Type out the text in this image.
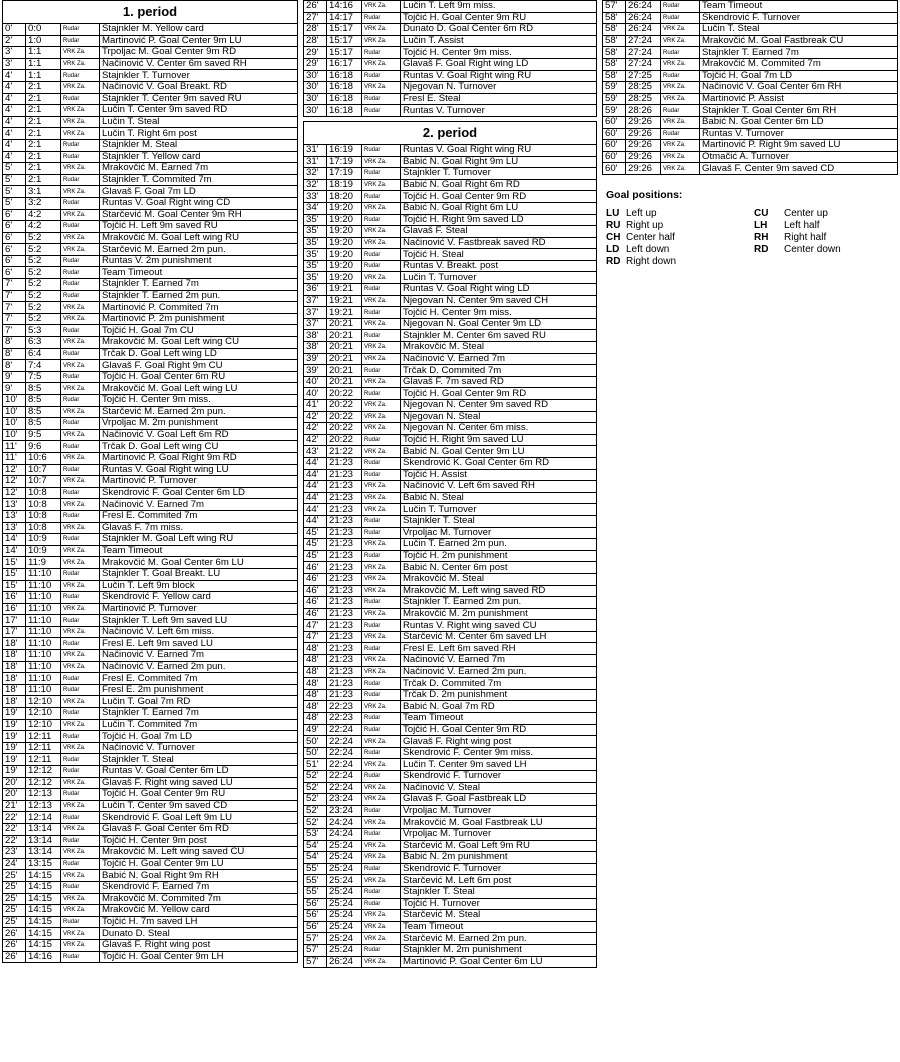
1. period
0'	0:0	Rudar	Stajnkler M. Yellow card
2'	1:0	Rudar	Martinović P. Goal Center 9m LU
3'	1:1	VRK Za.	Trpoljac M. Goal Center 9m RD
3'	1:1	VRK Za.	Načinović V. Center 6m saved RH
4'	1:1	Rudar	Stajnkler T. Turnover
4'	2:1	VRK Za.	Načinović V. Goal Breakt. RD
4'	2:1	Rudar	Stajnkler T. Center 9m saved RU
4'	2:1	VRK Za.	Lučin T. Center 9m saved RD
4'	2:1	VRK Za.	Lučin T. Steal
4'	2:1	VRK Za.	Lučin T. Right 6m post
4'	2:1	Rudar	Stajnkler M. Steal
4'	2:1	Rudar	Stajnkler T. Yellow card
5'	2:1	VRK Za.	Mrakovčić M. Earned 7m
5'	2:1	Rudar	Stajnkler T. Commited 7m
5'	3:1	VRK Za.	Glavaš F. Goal 7m LD
5'	3:2	Rudar	Runtas V. Goal Right wing CD
6'	4:2	VRK Za.	Starčević M. Goal Center 9m RH
6'	4:2	Rudar	Tojčić H. Left 9m saved RU
6'	5:2	VRK Za.	Mrakovčić M. Goal Left wing RU
6'	5:2	VRK Za.	Starčević M. Earned 2m pun.
6'	5:2	Rudar	Runtas V. 2m punishment
6'	5:2	Rudar	Team Timeout
7'	5:2	Rudar	Stajnkler T. Earned 7m
7'	5:2	Rudar	Stajnkler T. Earned 2m pun.
7'	5:2	VRK Za.	Martinović P. Commited 7m
7'	5:2	VRK Za.	Martinović P. 2m punishment
7'	5:3	Rudar	Tojčić H. Goal 7m CU
8'	6:3	VRK Za.	Mrakovčić M. Goal Left wing CU
8'	6:4	Rudar	Trčak D. Goal Left wing LD
8'	7:4	VRK Za.	Glavaš F. Goal Right 9m CU
9'	7:5	Rudar	Tojčić H. Goal Center 6m RU
9'	8:5	VRK Za.	Mrakovčić M. Goal Left wing LU
10'	8:5	Rudar	Tojčić H. Center 9m miss.
10'	8:5	VRK Za.	Starčević M. Earned 2m pun.
10'	8:5	Rudar	Vrpoljac M. 2m punishment
10'	9:5	VRK Za.	Načinović V. Goal Left 6m RD
11'	9:6	Rudar	Trčak D. Goal Left wing CU
11'	10:6	VRK Za.	Martinović P. Goal Right 9m RD
12'	10:7	Rudar	Runtas V. Goal Right wing LU
12'	10:7	VRK Za.	Martinović P. Turnover
12'	10:8	Rudar	Skendrović F. Goal Center 6m LD
13'	10:8	VRK Za.	Načinović V. Earned 7m
13'	10:8	Rudar	Fresl E. Commited 7m
13'	10:8	VRK Za.	Glavaš F. 7m miss.
14'	10:9	Rudar	Stajnkler M. Goal Left wing RU
14'	10:9	VRK Za.	Team Timeout
15'	11:9	VRK Za.	Mrakovčić M. Goal Center 6m LU
15'	11:10	Rudar	Stajnkler T. Goal Breakt. LU
15'	11:10	VRK Za.	Lučin T. Left 9m block
16'	11:10	Rudar	Skendrović F. Yellow card
16'	11:10	VRK Za.	Martinović P. Turnover
17'	11:10	Rudar	Stajnkler T. Left 9m saved LU
17'	11:10	VRK Za.	Načinović V. Left 6m miss.
18'	11:10	Rudar	Fresl E. Left 9m saved LU
18'	11:10	VRK Za.	Načinović V. Earned 7m
18'	11:10	VRK Za.	Načinović V. Earned 2m pun.
18'	11:10	Rudar	Fresl E. Commited 7m
18'	11:10	Rudar	Fresl E. 2m punishment
18'	12:10	VRK Za.	Lučin T. Goal 7m RD
19'	12:10	Rudar	Stajnkler T. Earned 7m
19'	12:10	VRK Za.	Lučin T. Commited 7m
19'	12:11	Rudar	Tojčić H. Goal 7m LD
19'	12:11	VRK Za.	Načinović V. Turnover
19'	12:11	Rudar	Stajnkler T. Steal
19'	12:12	Rudar	Runtas V. Goal Center 6m LD
20'	12:12	VRK Za.	Glavaš F. Right wing saved LU
20'	12:13	Rudar	Tojčić H. Goal Center 9m RU
21'	12:13	VRK Za.	Lučin T. Center 9m saved CD
22'	12:14	Rudar	Skendrović F. Goal Left 9m LU
22'	13:14	VRK Za.	Glavaš F. Goal Center 6m RD
22'	13:14	Rudar	Tojčić H. Center 9m post
23'	13:14	VRK Za.	Mrakovčić M. Left wing saved CU
24'	13:15	Rudar	Tojčić H. Goal Center 9m LU
25'	14:15	VRK Za.	Babić N. Goal Right 9m RH
25'	14:15	Rudar	Skendrović F. Earned 7m
25'	14:15	VRK Za.	Mrakovčić M. Commited 7m
25'	14:15	VRK Za.	Mrakovčić M. Yellow card
25'	14:15	Rudar	Tojčić H. 7m saved LH
26'	14:15	VRK Za.	Dunato D. Steal
26'	14:15	VRK Za.	Glavaš F. Right wing post
26'	14:16	Rudar	Tojčić H. Goal Center 9m LH
26'	14:16	VRK Za.	Lučin T. Left 9m miss.
27'	14:17	Rudar	Tojčić H. Goal Center 9m RU
28'	15:17	VRK Za.	Dunato D. Goal Center 6m RD
28'	15:17	VRK Za.	Lučin T. Assist
29'	15:17	Rudar	Tojčić H. Center 9m miss.
29'	16:17	VRK Za.	Glavaš F. Goal Right wing LD
30'	16:18	Rudar	Runtas V. Goal Right wing RU
30'	16:18	VRK Za.	Njegovan N. Turnover
30'	16:18	Rudar	Fresl E. Steal
30'	16:18	Rudar	Runtas V. Turnover
2. period
31'	16:19	Rudar	Runtas V. Goal Right wing RU
31'	17:19	VRK Za.	Babić N. Goal Right 9m LU
32'	17:19	Rudar	Stajnkler T. Turnover
32'	18:19	VRK Za.	Babić N. Goal Right 6m RD
33'	18:20	Rudar	Tojčić H. Goal Center 9m RD
34'	19:20	VRK Za.	Babić N. Goal Right 6m LU
35'	19:20	Rudar	Tojčić H. Right 9m saved LD
35'	19:20	VRK Za.	Glavaš F. Steal
35'	19:20	VRK Za.	Načinović V. Fastbreak saved RD
35'	19:20	Rudar	Tojčić H. Steal
35'	19:20	Rudar	Runtas V. Breakt. post
35'	19:20	VRK Za.	Lučin T. Turnover
36'	19:21	Rudar	Runtas V. Goal Right wing LD
37'	19:21	VRK Za.	Njegovan N. Center 9m saved CH
37'	19:21	Rudar	Tojčić H. Center 9m miss.
37'	20:21	VRK Za.	Njegovan N. Goal Center 9m LD
38'	20:21	Rudar	Stajnkler M. Center 6m saved RU
38'	20:21	VRK Za.	Mrakovčić M. Steal
39'	20:21	VRK Za.	Načinović V. Earned 7m
39'	20:21	Rudar	Trčak D. Commited 7m
40'	20:21	VRK Za.	Glavaš F. 7m saved RD
40'	20:22	Rudar	Tojčić H. Goal Center 9m RD
41'	20:22	VRK Za.	Njegovan N. Center 9m saved RD
42'	20:22	VRK Za.	Njegovan N. Steal
42'	20:22	VRK Za.	Njegovan N. Center 6m miss.
42'	20:22	Rudar	Tojčić H. Right 9m saved LU
43'	21:22	VRK Za.	Babić N. Goal Center 9m LU
44'	21:23	Rudar	Skendrović K. Goal Center 6m RD
44'	21:23	Rudar	Tojčić H. Assist
44'	21:23	VRK Za.	Načinović V. Left 6m saved RH
44'	21:23	VRK Za.	Babić N. Steal
44'	21:23	VRK Za.	Lučin T. Turnover
44'	21:23	Rudar	Stajnkler T. Steal
45'	21:23	Rudar	Vrpoljac M. Turnover
45'	21:23	VRK Za.	Lučin T. Earned 2m pun.
45'	21:23	Rudar	Tojčić H. 2m punishment
46'	21:23	VRK Za.	Babić N. Center 6m post
46'	21:23	VRK Za.	Mrakovčić M. Steal
46'	21:23	VRK Za.	Mrakovčić M. Left wing saved RD
46'	21:23	Rudar	Stajnkler T. Earned 2m pun.
46'	21:23	VRK Za.	Mrakovčić M. 2m punishment
47'	21:23	Rudar	Runtas V. Right wing saved CU
47'	21:23	VRK Za.	Starčević M. Center 6m saved LH
48'	21:23	Rudar	Fresl E. Left 6m saved RH
48'	21:23	VRK Za.	Načinović V. Earned 7m
48'	21:23	VRK Za.	Načinović V. Earned 2m pun.
48'	21:23	Rudar	Trčak D. Commited 7m
48'	21:23	Rudar	Trčak D. 2m punishment
48'	22:23	VRK Za.	Babić N. Goal 7m RD
48'	22:23	Rudar	Team Timeout
49'	22:24	Rudar	Tojčić H. Goal Center 9m RD
50'	22:24	VRK Za.	Glavaš F. Right wing post
50'	22:24	Rudar	Skendrović F. Center 9m miss.
51'	22:24	VRK Za.	Lučin T. Center 9m saved LH
52'	22:24	Rudar	Skendrović F. Turnover
52'	22:24	VRK Za.	Načinović V. Steal
52'	23:24	VRK Za.	Glavaš F. Goal Fastbreak LD
52'	23:24	Rudar	Vrpoljac M. Turnover
52'	24:24	VRK Za.	Mrakovčić M. Goal Fastbreak LU
53'	24:24	Rudar	Vrpoljac M. Turnover
54'	25:24	VRK Za.	Starčević M. Goal Left 9m RU
54'	25:24	VRK Za.	Babić N. 2m punishment
55'	25:24	Rudar	Skendrović F. Turnover
55'	25:24	VRK Za.	Starčević M. Left 6m post
55'	25:24	Rudar	Stajnkler T. Steal
56'	25:24	Rudar	Tojčić H. Turnover
56'	25:24	VRK Za.	Starčević M. Steal
56'	25:24	VRK Za.	Team Timeout
57'	25:24	VRK Za.	Starčević M. Earned 2m pun.
57'	25:24	Rudar	Stajnkler M. 2m punishment
57'	26:24	VRK Za.	Martinović P. Goal Center 6m LU
57'	26:24	Rudar	Team Timeout
58'	26:24	Rudar	Skendrović F. Turnover
58'	26:24	VRK Za.	Lučin T. Steal
58'	27:24	VRK Za.	Mrakovčić M. Goal Fastbreak CU
58'	27:24	Rudar	Stajnkler T. Earned 7m
58'	27:24	VRK Za.	Mrakovčić M. Commited 7m
58'	27:25	Rudar	Tojčić H. Goal 7m LD
59'	28:25	VRK Za.	Načinović V. Goal Center 6m RH
59'	28:25	VRK Za.	Martinović P. Assist
59'	28:26	Rudar	Stajnkler T. Goal Center 6m RH
60'	29:26	VRK Za.	Babić N. Goal Center 6m LD
60'	29:26	Rudar	Runtas V. Turnover
60'	29:26	VRK Za.	Martinović P. Right 9m saved LU
60'	29:26	VRK Za.	Otmačić A. Turnover
60'	29:26	VRK Za.	Glavaš F. Center 9m saved CD
Goal positions:
LU Left up	CU	Center up
RU Right up	LH	Left half
CH Center half	RH	Right half
LD Left down	RD	Center down
RD Right down
